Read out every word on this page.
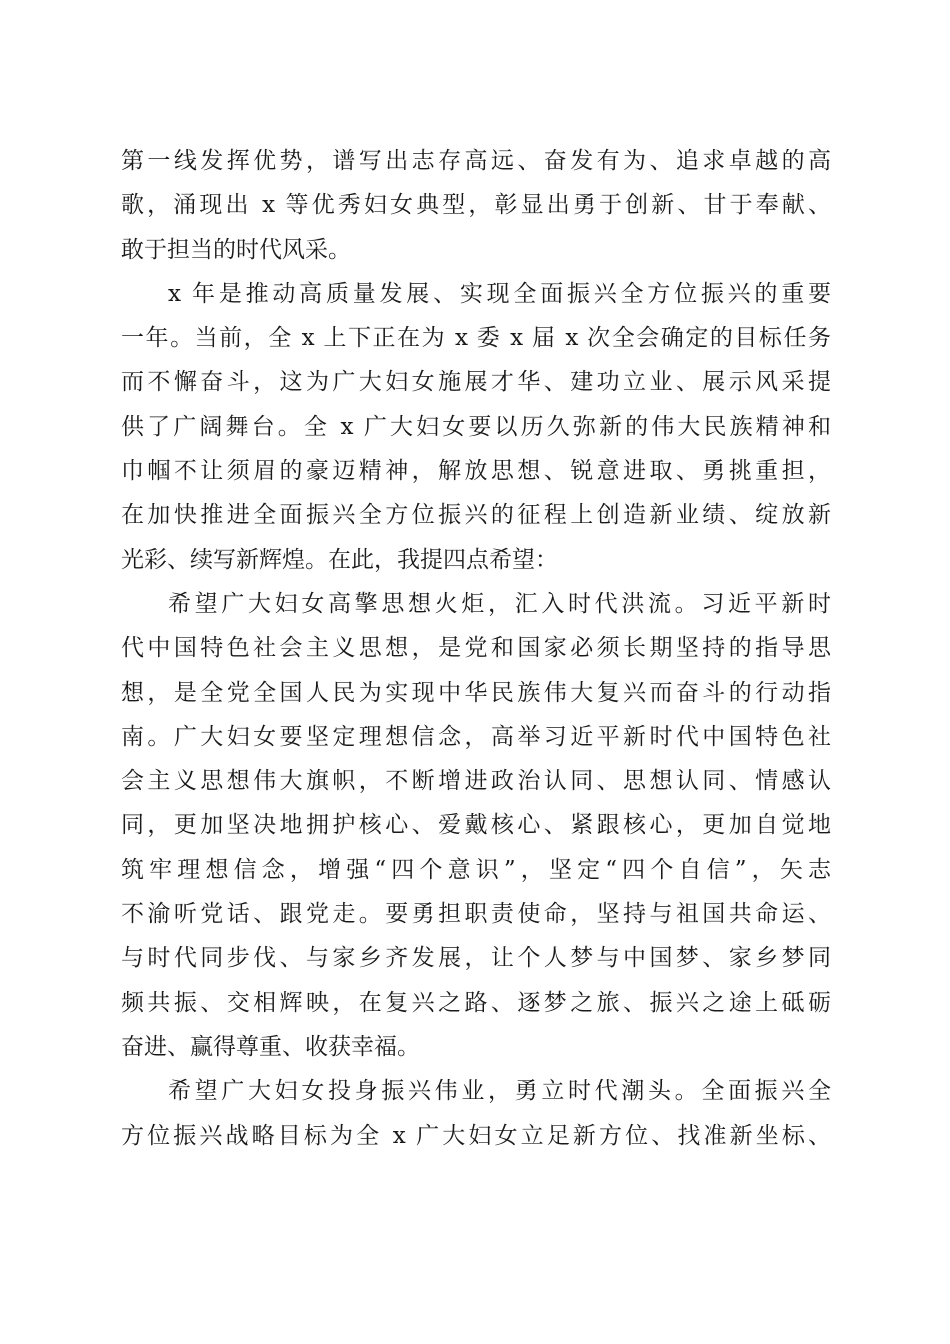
第一线发挥优势，谱写出志存高远、奋发有为、追求卓越的高
歌，涌现出 x 等优秀妇女典型，彰显出勇于创新、甘于奉献、
敢于担当的时代风采。
x 年是推动高质量发展、实现全面振兴全方位振兴的重要
一年。当前，全 x 上下正在为 x 委 x 届 x 次全会确定的目标任务
而不懈奋斗，这为广大妇女施展才华、建功立业、展示风采提
供了广阔舞台。全 x 广大妇女要以历久弥新的伟大民族精神和
巾帼不让须眉的豪迈精神，解放思想、锐意进取、勇挑重担，
在加快推进全面振兴全方位振兴的征程上创造新业绩、绽放新
光彩、续写新辉煌。在此，我提四点希望：
希望广大妇女高擎思想火炬，汇入时代洪流。习近平新时
代中国特色社会主义思想，是党和国家必须长期坚持的指导思
想，是全党全国人民为实现中华民族伟大复兴而奋斗的行动指
南。广大妇女要坚定理想信念，高举习近平新时代中国特色社
会主义思想伟大旗帜，不断增进政治认同、思想认同、情感认
同，更加坚决地拥护核心、爱戴核心、紧跟核心，更加自觉地
筑牢理想信念，增强“四个意识”，坚定“四个自信”，矢志
不渝听党话、跟党走。要勇担职责使命，坚持与祖国共命运、
与时代同步伐、与家乡齐发展，让个人梦与中国梦、家乡梦同
频共振、交相辉映，在复兴之路、逐梦之旅、振兴之途上砥砺
奋进、赢得尊重、收获幸福。
希望广大妇女投身振兴伟业，勇立时代潮头。全面振兴全
方位振兴战略目标为全 x 广大妇女立足新方位、找准新坐标、
